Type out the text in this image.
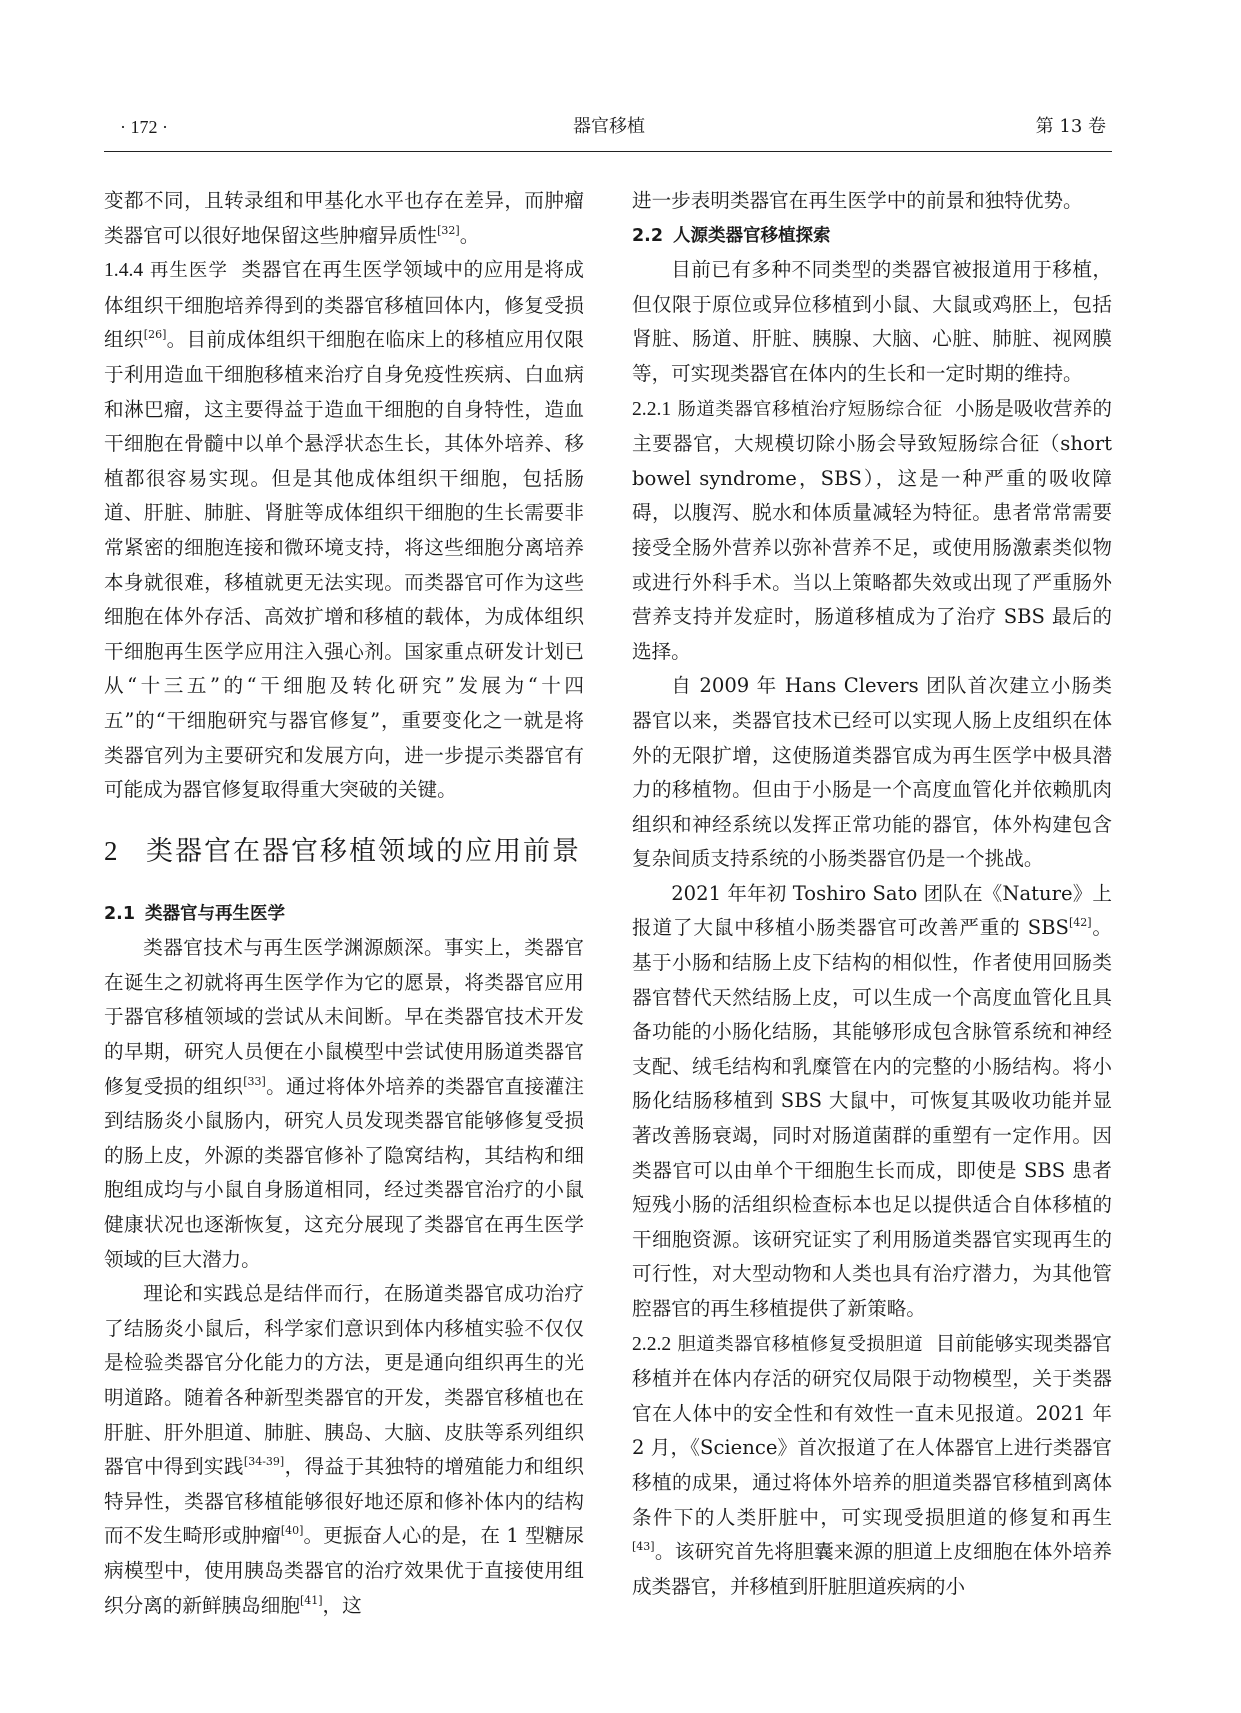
· 172 ·	器官移植	第 13 卷

变都不同，且转录组和甲基化水平也存在差异，而肿瘤类器官可以很好地保留这些肿瘤异质性[32]。

1.4.4 再生医学 类器官在再生医学领域中的应用是将成体组织干细胞培养得到的类器官移植回体内，修复受损组织[26]。目前成体组织干细胞在临床上的移植应用仅限于利用造血干细胞移植来治疗自身免疫性疾病、白血病和淋巴瘤，这主要得益于造血干细胞的自身特性，造血干细胞在骨髓中以单个悬浮状态生长，其体外培养、移植都很容易实现。但是其他成体组织干细胞，包括肠道、肝脏、肺脏、肾脏等成体组织干细胞的生长需要非常紧密的细胞连接和微环境支持，将这些细胞分离培养本身就很难，移植就更无法实现。而类器官可作为这些细胞在体外存活、高效扩增和移植的载体，为成体组织干细胞再生医学应用注入强心剂。国家重点研发计划已从“十三五”的“干细胞及转化研究”发展为“十四五”的“干细胞研究与器官修复”，重要变化之一就是将类器官列为主要研究和发展方向，进一步提示类器官有可能成为器官修复取得重大突破的关键。

2 类器官在器官移植领域的应用前景
2.1 类器官与再生医学

类器官技术与再生医学渊源颇深。事实上，类器官在诞生之初就将再生医学作为它的愿景，将类器官应用于器官移植领域的尝试从未间断。早在类器官技术开发的早期，研究人员便在小鼠模型中尝试使用肠道类器官修复受损的组织[33]。通过将体外培养的类器官直接灌注到结肠炎小鼠肠内，研究人员发现类器官能够修复受损的肠上皮，外源的类器官修补了隐窝结构，其结构和细胞组成均与小鼠自身肠道相同，经过类器官治疗的小鼠健康状况也逐渐恢复，这充分展现了类器官在再生医学领域的巨大潜力。

理论和实践总是结伴而行，在肠道类器官成功治疗了结肠炎小鼠后，科学家们意识到体内移植实验不仅仅是检验类器官分化能力的方法，更是通向组织再生的光明道路。随着各种新型类器官的开发，类器官移植也在肝脏、肝外胆道、肺脏、胰岛、大脑、皮肤等系列组织器官中得到实践[34-39]，得益于其独特的增殖能力和组织特异性，类器官移植能够很好地还原和修补体内的结构而不发生畸形或肿瘤[40]。更振奋人心的是，在 1 型糖尿病模型中，使用胰岛类器官的治疗效果优于直接使用组织分离的新鲜胰岛细胞[41]，这

进一步表明类器官在再生医学中的前景和独特优势。

2.2 人源类器官移植探索

目前已有多种不同类型的类器官被报道用于移植，但仅限于原位或异位移植到小鼠、大鼠或鸡胚上，包括肾脏、肠道、肝脏、胰腺、大脑、心脏、肺脏、视网膜等，可实现类器官在体内的生长和一定时期的维持。

2.2.1 肠道类器官移植治疗短肠综合征 小肠是吸收营养的主要器官，大规模切除小肠会导致短肠综合征（short bowel syndrome，SBS），这是一种严重的吸收障碍，以腹泻、脱水和体质量减轻为特征。患者常常需要接受全肠外营养以弥补营养不足，或使用肠激素类似物或进行外科手术。当以上策略都失效或出现了严重肠外营养支持并发症时，肠道移植成为了治疗 SBS 最后的选择。

自 2009 年 Hans Clevers 团队首次建立小肠类器官以来，类器官技术已经可以实现人肠上皮组织在体外的无限扩增，这使肠道类器官成为再生医学中极具潜力的移植物。但由于小肠是一个高度血管化并依赖肌肉组织和神经系统以发挥正常功能的器官，体外构建包含复杂间质支持系统的小肠类器官仍是一个挑战。

2021 年年初 Toshiro Sato 团队在《Nature》上报道了大鼠中移植小肠类器官可改善严重的 SBS[42]。基于小肠和结肠上皮下结构的相似性，作者使用回肠类器官替代天然结肠上皮，可以生成一个高度血管化且具备功能的小肠化结肠，其能够形成包含脉管系统和神经支配、绒毛结构和乳糜管在内的完整的小肠结构。将小肠化结肠移植到 SBS 大鼠中，可恢复其吸收功能并显著改善肠衰竭，同时对肠道菌群的重塑有一定作用。因类器官可以由单个干细胞生长而成，即使是 SBS 患者短残小肠的活组织检查标本也足以提供适合自体移植的干细胞资源。该研究证实了利用肠道类器官实现再生的可行性，对大型动物和人类也具有治疗潜力，为其他管腔器官的再生移植提供了新策略。

2.2.2 胆道类器官移植修复受损胆道 目前能够实现类器官移植并在体内存活的研究仅局限于动物模型，关于类器官在人体中的安全性和有效性一直未见报道。2021 年 2 月，《Science》首次报道了在人体器官上进行类器官移植的成果，通过将体外培养的胆道类器官移植到离体条件下的人类肝脏中，可实现受损胆道的修复和再生[43]。该研究首先将胆囊来源的胆道上皮细胞在体外培养成类器官，并移植到肝脏胆道疾病的小
